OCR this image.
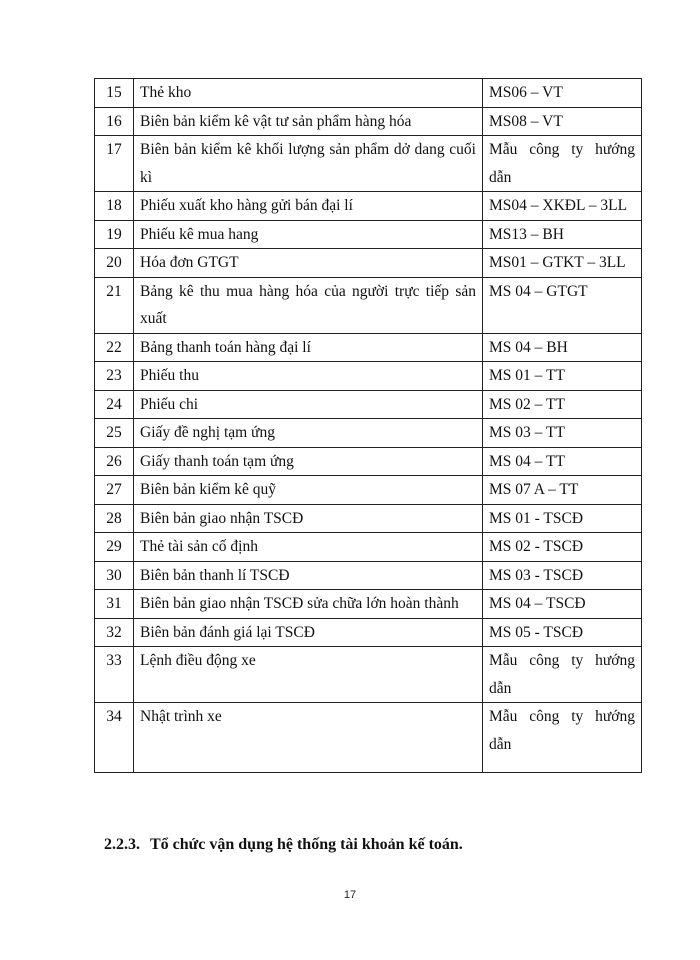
15	Thẻ kho	MS06 – VT
16	Biên bản kiểm kê vật tư sản phẩm hàng hóa	MS08 – VT
17	Biên bản kiểm kê khối lượng sản phẩm dở dang cuối kì	Mẫu công ty hướng dẫn
18	Phiếu xuất kho hàng gửi bán đại lí	MS04 – XKĐL – 3LL
19	Phiếu kê mua hang	MS13 – BH
20	Hóa đơn GTGT	MS01 – GTKT – 3LL
21	Bảng kê thu mua hàng hóa của người trực tiếp sản xuất	MS 04 – GTGT
22	Bảng thanh toán hàng đại lí	MS 04 – BH
23	Phiếu thu	MS 01 – TT
24	Phiếu chi	MS 02 – TT
25	Giấy đề nghị tạm ứng	MS 03 – TT
26	Giấy thanh toán tạm ứng	MS 04 – TT
27	Biên bản kiểm kê quỹ	MS 07 A – TT
28	Biên bản giao nhận TSCĐ	MS 01 - TSCĐ
29	Thẻ tài sản cố định	MS 02 - TSCĐ
30	Biên bản thanh lí TSCĐ	MS 03 - TSCĐ
31	Biên bản giao nhận TSCĐ sửa chữa lớn hoàn thành	MS 04 – TSCĐ
32	Biên bản đánh giá lại TSCĐ	MS 05 - TSCĐ
33	Lệnh điều động xe	Mẫu công ty hướng dẫn
34	Nhật trình xe	Mẫu công ty hướng dẫn
2.2.3. Tổ chức vận dụng hệ thống tài khoản kế toán.
17
